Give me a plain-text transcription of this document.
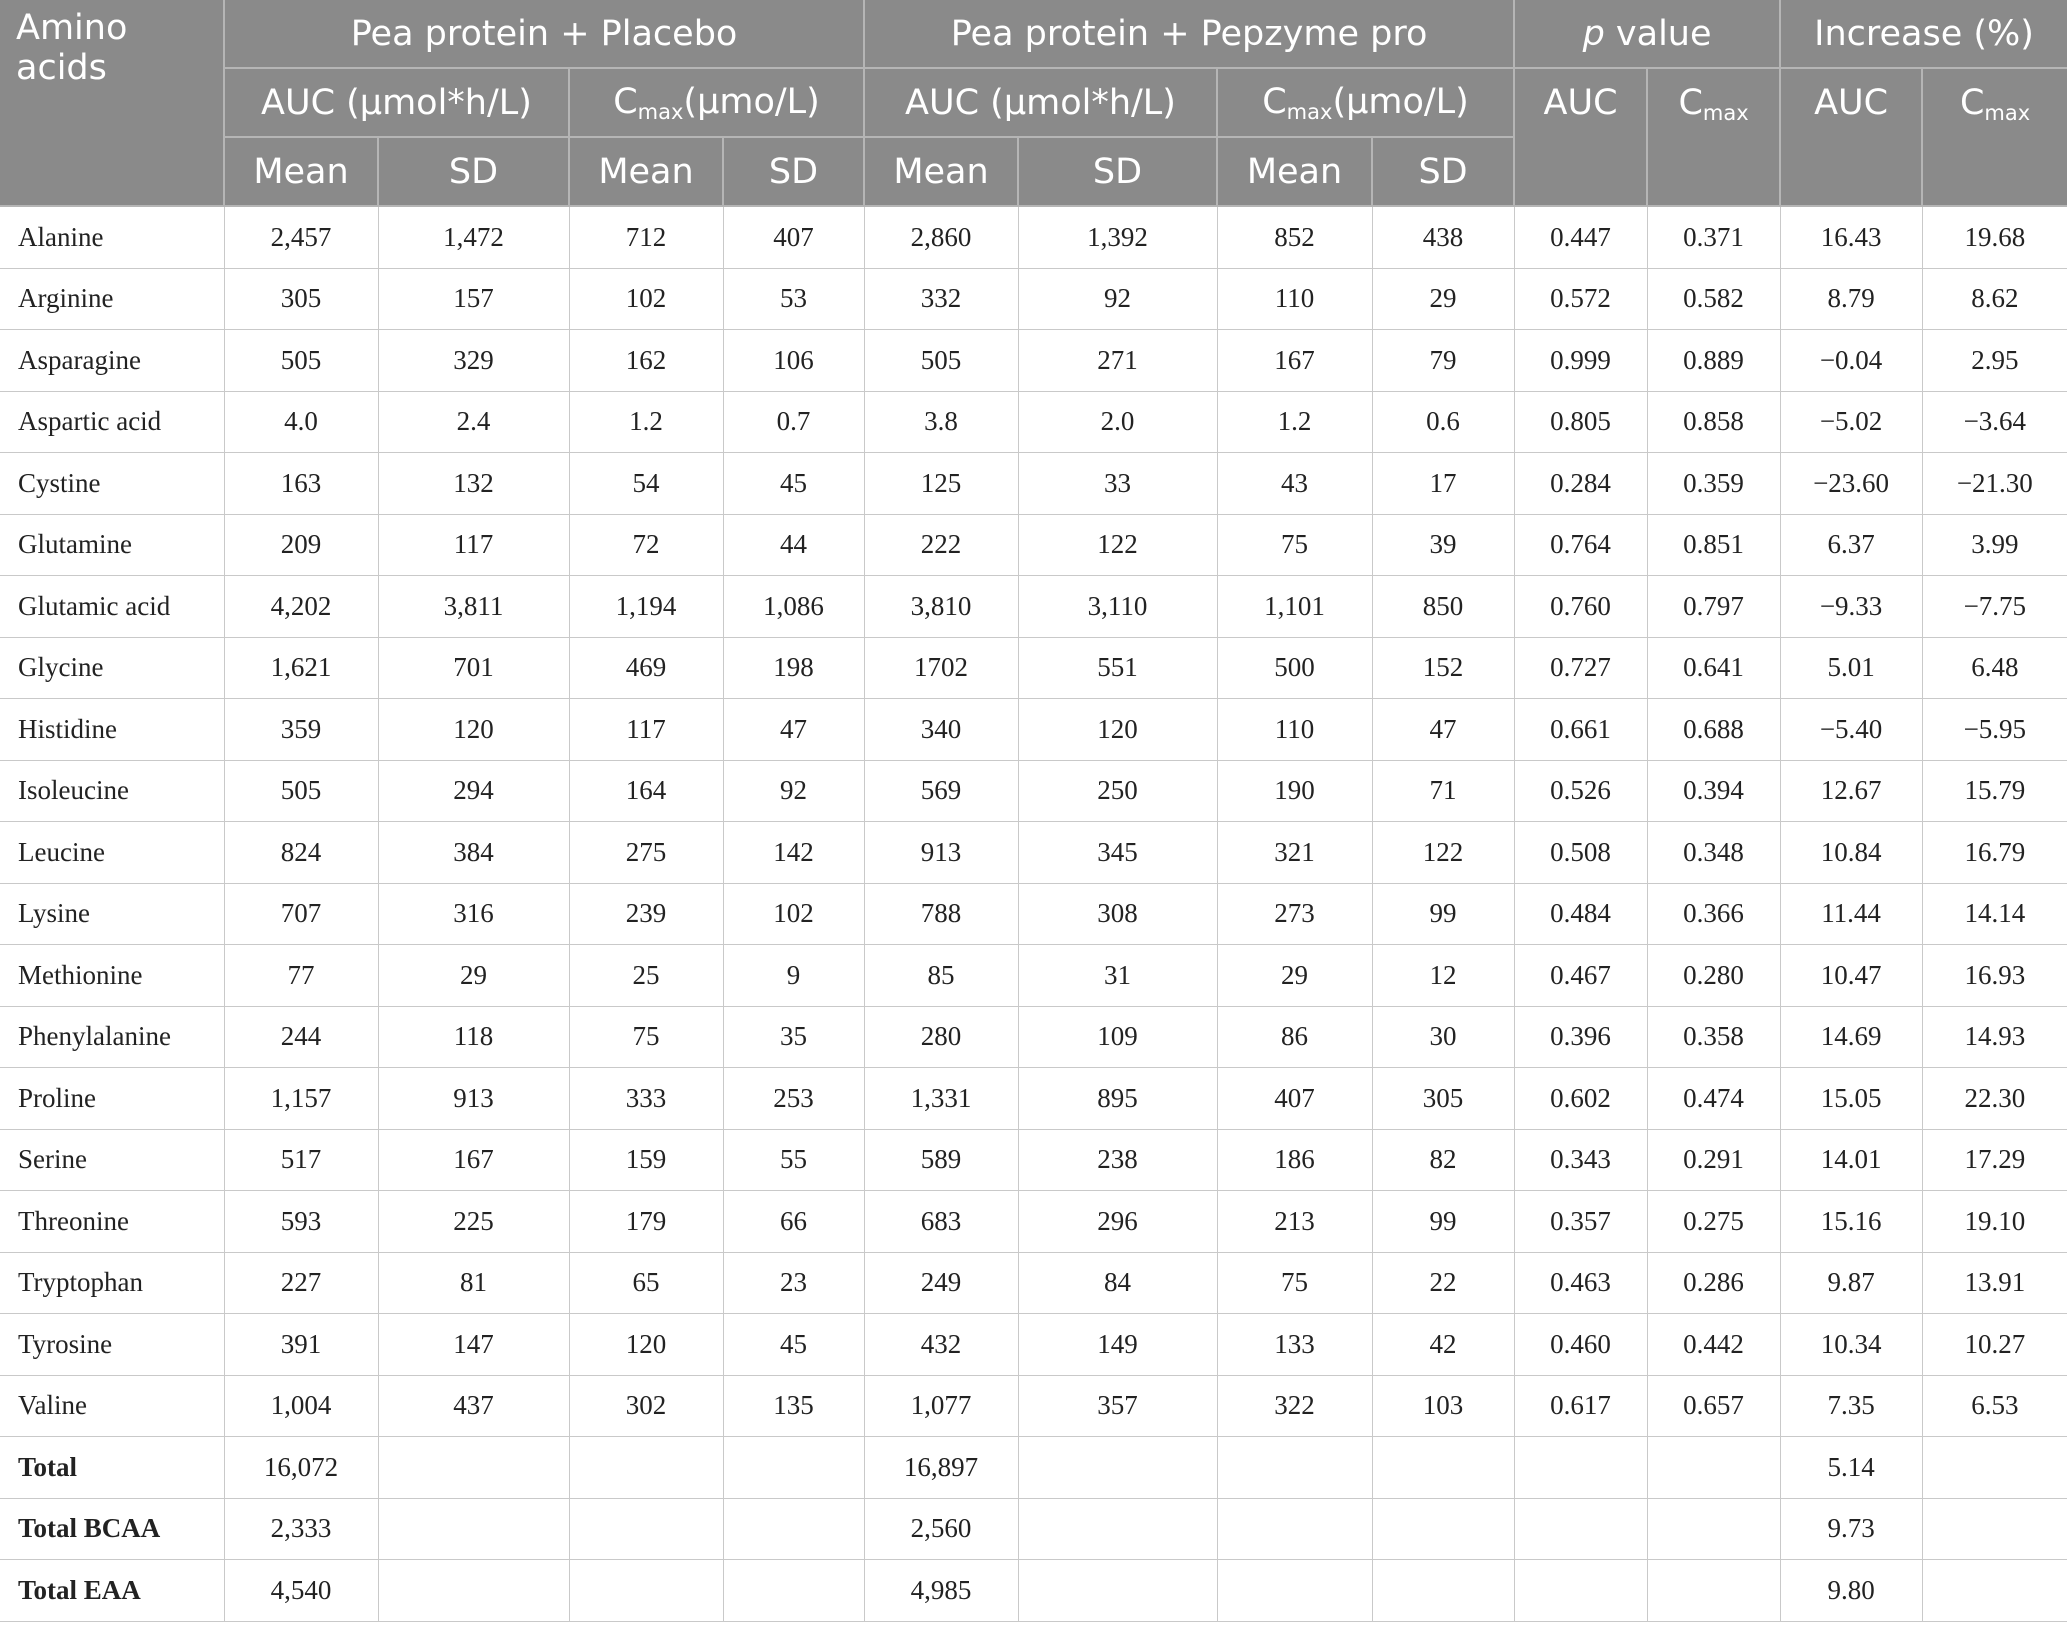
Amino acids	Pea protein + Placebo				Pea protein + Pepzyme pro				p value		Increase (%)	
	AUC (μmol*h/L)		$C_{max}(\mu mo/L)$		AUC (μmol*h/L)		$C_{max}(\mu mo/L)$		AUC	$C_{max}$	AUC	$C_{max}$
	Mean	SD	Mean	SD	Mean	SD	Mean	SD				
Alanine	2,457	1,472	712	407	2,860	1,392	852	438	0.447	0.371	16.43	19.68
Arginine	305	157	102	53	332	92	110	29	0.572	0.582	8.79	8.62
Asparagine	505	329	162	106	505	271	167	79	0.999	0.889	−0.04	2.95
Aspartic acid	4.0	2.4	1.2	0.7	3.8	2.0	1.2	0.6	0.805	0.858	−5.02	−3.64
Cystine	163	132	54	45	125	33	43	17	0.284	0.359	−23.60	−21.30
Glutamine	209	117	72	44	222	122	75	39	0.764	0.851	6.37	3.99
Glutamic acid	4,202	3,811	1,194	1,086	3,810	3,110	1,101	850	0.760	0.797	−9.33	−7.75
Glycine	1,621	701	469	198	1702	551	500	152	0.727	0.641	5.01	6.48
Histidine	359	120	117	47	340	120	110	47	0.661	0.688	−5.40	−5.95
Isoleucine	505	294	164	92	569	250	190	71	0.526	0.394	12.67	15.79
Leucine	824	384	275	142	913	345	321	122	0.508	0.348	10.84	16.79
Lysine	707	316	239	102	788	308	273	99	0.484	0.366	11.44	14.14
Methionine	77	29	25	9	85	31	29	12	0.467	0.280	10.47	16.93
Phenylalanine	244	118	75	35	280	109	86	30	0.396	0.358	14.69	14.93
Proline	1,157	913	333	253	1,331	895	407	305	0.602	0.474	15.05	22.30
Serine	517	167	159	55	589	238	186	82	0.343	0.291	14.01	17.29
Threonine	593	225	179	66	683	296	213	99	0.357	0.275	15.16	19.10
Tryptophan	227	81	65	23	249	84	75	22	0.463	0.286	9.87	13.91
Tyrosine	391	147	120	45	432	149	133	42	0.460	0.442	10.34	10.27
Valine	1,004	437	302	135	1,077	357	322	103	0.617	0.657	7.35	6.53
Total	16,072				16,897						5.14	
Total BCAA	2,333				2,560						9.73	
Total EAA	4,540				4,985						9.80	
